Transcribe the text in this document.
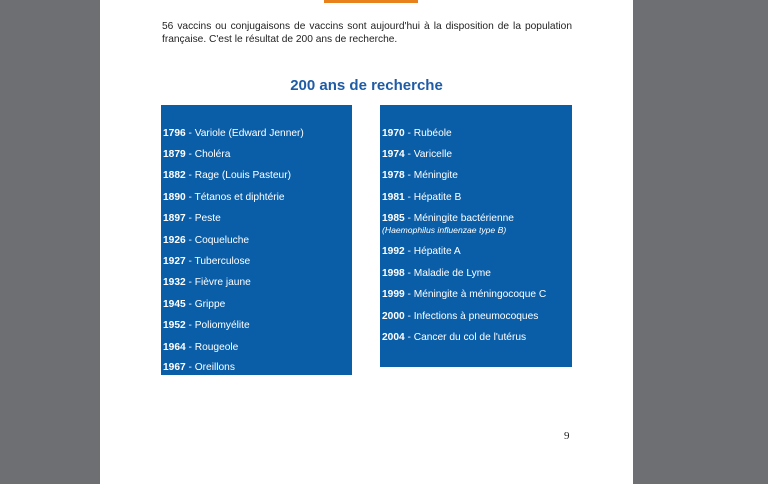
56 vaccins ou conjugaisons de vaccins sont aujourd'hui à la disposition de la population française. C'est le résultat de 200 ans de recherche.

200 ans de recherche
1796 - Variole (Edward Jenner)
1879 - Choléra
1882 - Rage (Louis Pasteur)
1890 - Tétanos et diphtérie
1897 - Peste
1926 - Coqueluche
1927 - Tuberculose
1932 - Fièvre jaune
1945 - Grippe
1952 - Poliomyélite
1964 - Rougeole
1967 - Oreillons
1970 - Rubéole
1974 - Varicelle
1978 - Méningite
1981 - Hépatite B
1985 - Méningite bactérienne
(Haemophilus influenzae type B)
1992 - Hépatite A
1998 - Maladie de Lyme
1999 - Méningite à méningocoque C
2000 - Infections à pneumocoques
2004 - Cancer du col de l'utérus
9
